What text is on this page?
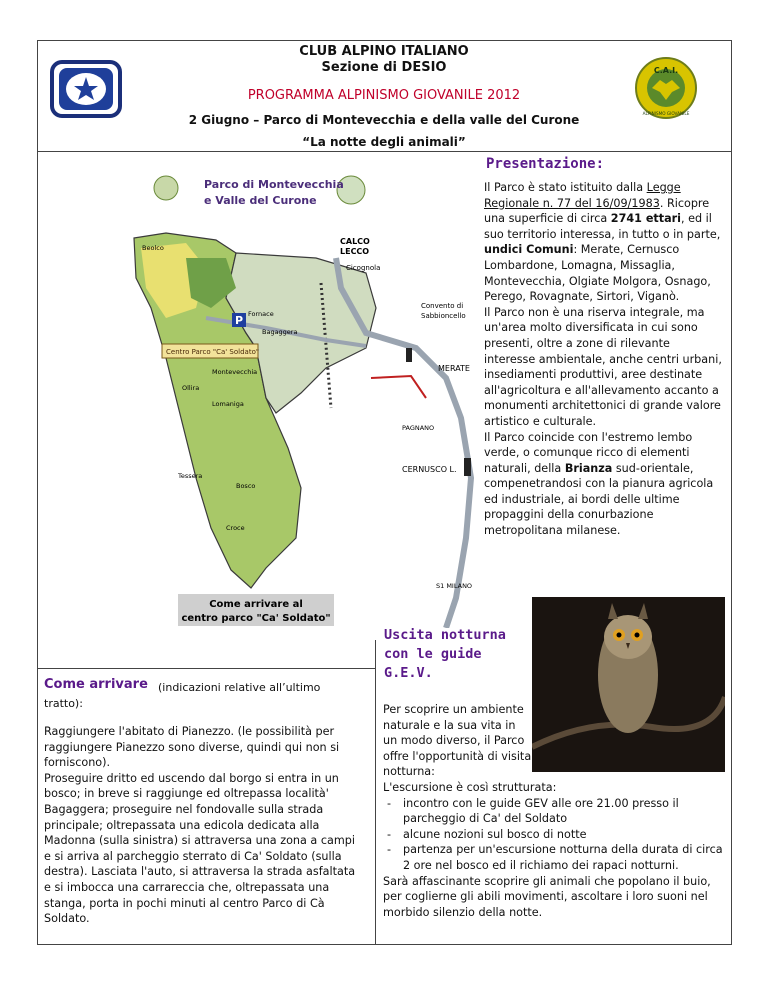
CLUB ALPINO ITALIANO
Sezione di DESIO
PROGRAMMA ALPINISMO GIOVANILE 2012
2 Giugno – Parco di Montevecchia e della valle del Curone
“La notte degli animali”
C.A.I.
ALPINISMO GIOVANILE
Parco di Montevecchia
e Valle del Curone
P
Centro Parco "Ca' Soldato"
CALCO
LECCO
Cicognola
Convento di
Sabbioncello
MERATE
PAGNANO
CERNUSCO L.
Bagaggera
Fornace
Beolco
Montevecchia
Ollira
Lomaniga
Tessera
Bosco
Croce
S1 MILANO
Come arrivare al
centro parco "Ca' Soldato"
Presentazione:
Il Parco è stato istituito dalla Legge Regionale n. 77 del 16/09/1983. Ricopre una superficie di circa 2741 ettari, ed il suo territorio interessa, in tutto o in parte, undici Comuni: Merate, Cernusco Lombardone, Lomagna, Missaglia, Montevecchia, Olgiate Molgora, Osnago, Perego, Rovagnate, Sirtori, Viganò.
Il Parco non è una riserva integrale, ma un'area molto diversificata in cui sono presenti, oltre a zone di rilevante interesse ambientale, anche centri urbani, insediamenti produttivi, aree destinate all'agricoltura e all'allevamento accanto a monumenti architettonici di grande valore artistico e culturale.
Il Parco coincide con l'estremo lembo verde, o comunque ricco di elementi naturali, della Brianza sud-orientale, compenetrandosi con la pianura agricola ed industriale, ai bordi delle ultime propaggini della conurbazione metropolitana milanese.
Come arrivare (indicazioni relative all’ultimo
tratto):
Raggiungere l'abitato di Pianezzo. (le possibilità per raggiungere Pianezzo sono diverse, quindi qui non si forniscono).
Proseguire dritto ed uscendo dal borgo si entra in un bosco; in breve si raggiunge ed oltrepassa località' Bagaggera; proseguire nel fondovalle sulla strada principale; oltrepassata una edicola dedicata alla Madonna (sulla sinistra) si attraversa una zona a campi e si arriva al parcheggio sterrato di Ca' Soldato (sulla destra). Lasciata l'auto, si attraversa la strada asfaltata e si imbocca una carrareccia che, oltrepassata una stanga, porta in pochi minuti al centro Parco di Cà Soldato.
Uscita notturna con le guide G.E.V.
Per scoprire un ambiente naturale e la sua vita in un modo diverso, il Parco offre l'opportunità di visita notturna:
L'escursione è così strutturata:
- incontro con le guide GEV alle ore 21.00 presso il parcheggio di Ca' del Soldato
- alcune nozioni sul bosco di notte
- partenza per un'escursione notturna della durata di circa 2 ore nel bosco ed il richiamo dei rapaci notturni.
Sarà affascinante scoprire gli animali che popolano il buio, per coglierne gli abili movimenti, ascoltare i loro suoni nel morbido silenzio della notte.
